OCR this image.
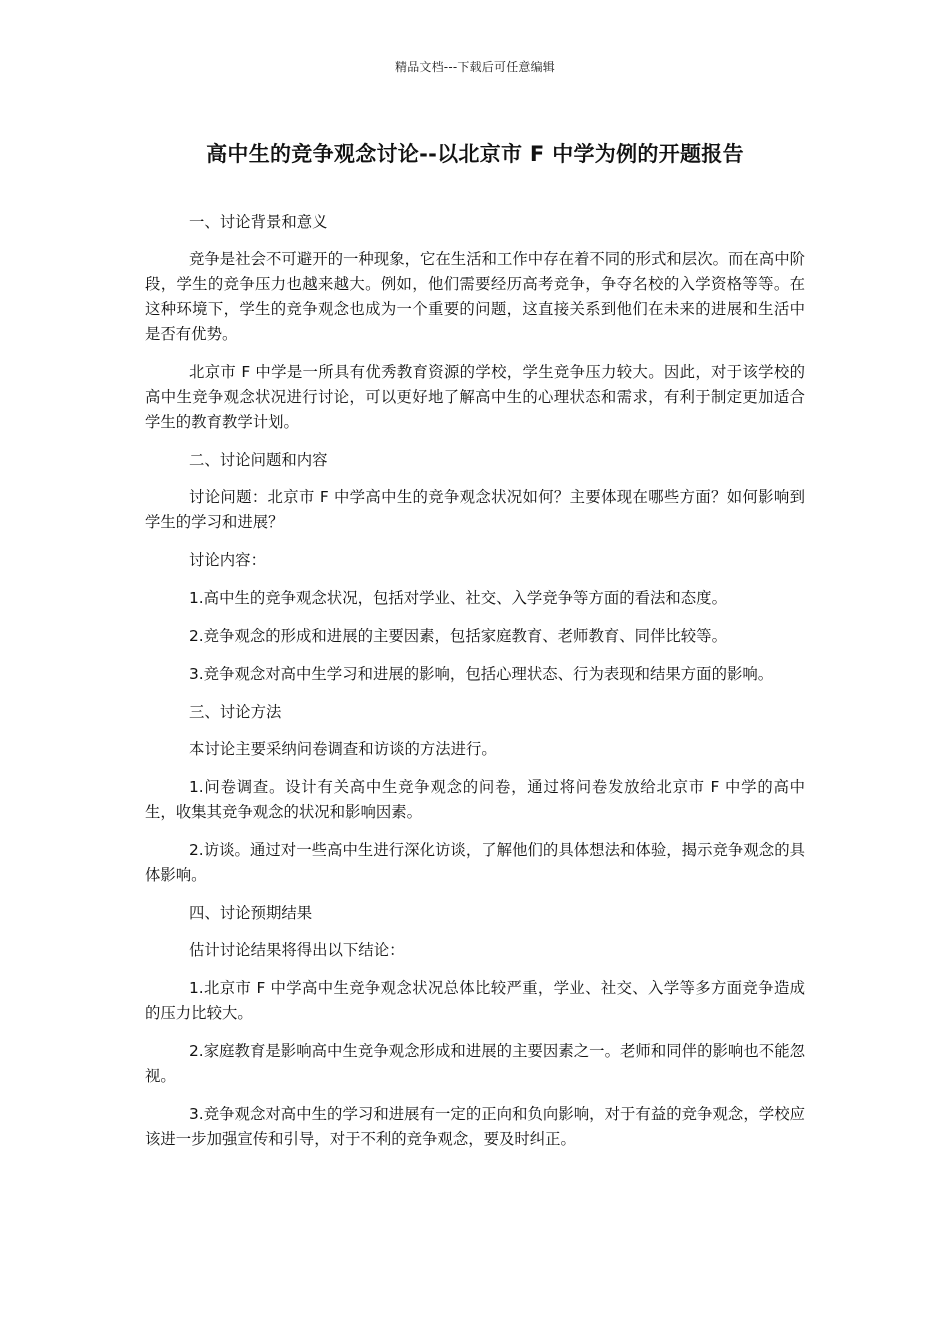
精品文档---下载后可任意编辑
高中生的竞争观念讨论--以北京市 F 中学为例的开题报告

一、讨论背景和意义

竞争是社会不可避开的一种现象，它在生活和工作中存在着不同的形式和层次。而在高中阶段，学生的竞争压力也越来越大。例如，他们需要经历高考竞争，争夺名校的入学资格等等。在这种环境下，学生的竞争观念也成为一个重要的问题，这直接关系到他们在未来的进展和生活中是否有优势。

北京市 F 中学是一所具有优秀教育资源的学校，学生竞争压力较大。因此，对于该学校的高中生竞争观念状况进行讨论，可以更好地了解高中生的心理状态和需求，有利于制定更加适合学生的教育教学计划。

二、讨论问题和内容

讨论问题：北京市 F 中学高中生的竞争观念状况如何？主要体现在哪些方面？如何影响到学生的学习和进展？

讨论内容：

1.高中生的竞争观念状况，包括对学业、社交、入学竞争等方面的看法和态度。

2.竞争观念的形成和进展的主要因素，包括家庭教育、老师教育、同伴比较等。

3.竞争观念对高中生学习和进展的影响，包括心理状态、行为表现和结果方面的影响。

三、讨论方法

本讨论主要采纳问卷调查和访谈的方法进行。

1.问卷调查。设计有关高中生竞争观念的问卷，通过将问卷发放给北京市 F 中学的高中生，收集其竞争观念的状况和影响因素。

2.访谈。通过对一些高中生进行深化访谈，了解他们的具体想法和体验，揭示竞争观念的具体影响。

四、讨论预期结果

估计讨论结果将得出以下结论：

1.北京市 F 中学高中生竞争观念状况总体比较严重，学业、社交、入学等多方面竞争造成的压力比较大。

2.家庭教育是影响高中生竞争观念形成和进展的主要因素之一。老师和同伴的影响也不能忽视。

3.竞争观念对高中生的学习和进展有一定的正向和负向影响，对于有益的竞争观念，学校应该进一步加强宣传和引导，对于不利的竞争观念，要及时纠正。
